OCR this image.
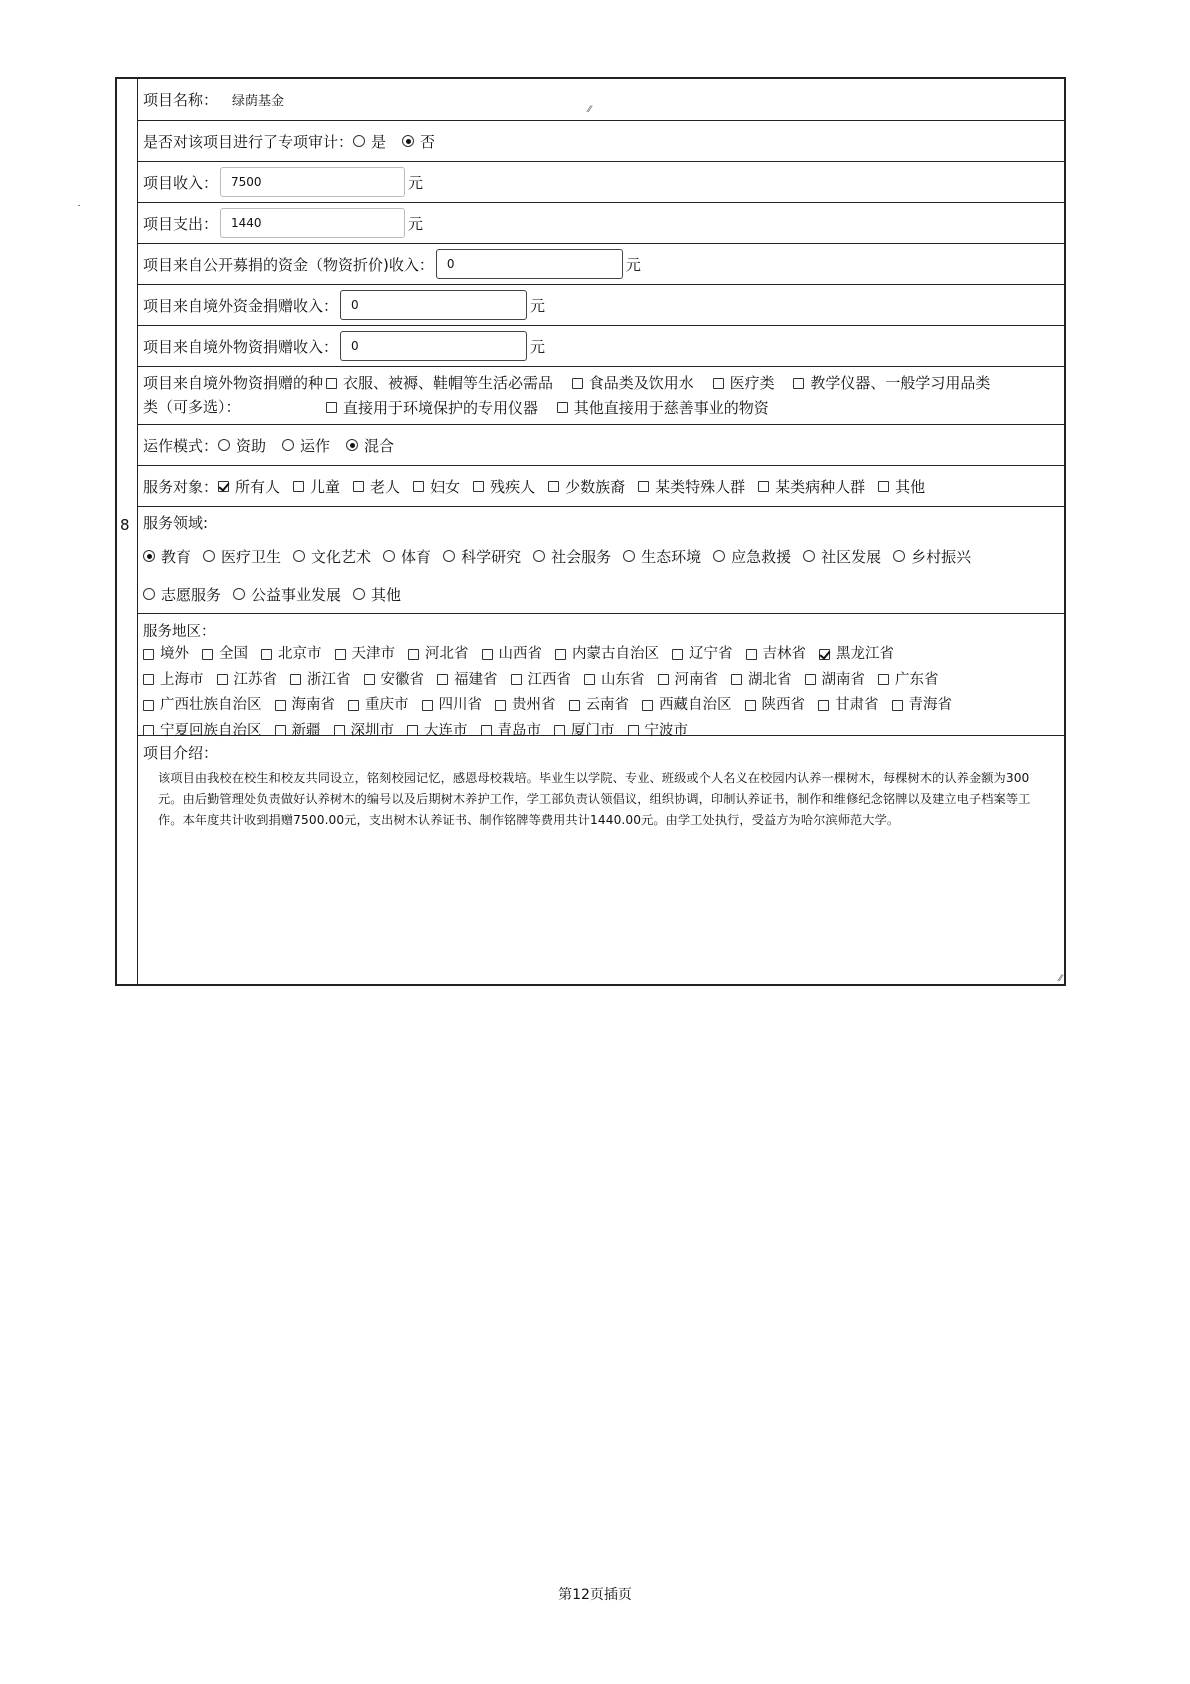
8
项目名称： 绿荫基金
⁄⁄
是否对该项目进行了专项审计： 是 否
项目收入：	7500	元
项目支出：	1440	元
项目来自公开募捐的资金（物资折价)收入：	0	元
项目来自境外资金捐赠收入：	0	元
项目来自境外物资捐赠收入：	0	元
项目来自境外物资捐赠的种
类（可多选）：
衣服、被褥、鞋帽等生活必需品
食品类及饮用水
医疗类
教学仪器、一般学习用品类
直接用于环境保护的专用仪器
其他直接用于慈善事业的物资
运作模式： 资助 运作 混合
服务对象： 所有人 儿童 老人 妇女 残疾人 少数族裔 某类特殊人群 某类病种人群 其他
服务领域:
教育 医疗卫生 文化艺术 体育 科学研究 社会服务 生态环境 应急救援 社区发展 乡村振兴
志愿服务 公益事业发展 其他
服务地区：
境外 全国 北京市 天津市 河北省 山西省 内蒙古自治区 辽宁省 吉林省 黑龙江省
上海市 江苏省 浙江省 安徽省 福建省 江西省 山东省 河南省 湖北省 湖南省 广东省
广西壮族自治区 海南省 重庆市 四川省 贵州省 云南省 西藏自治区 陕西省 甘肃省 青海省
宁夏回族自治区 新疆 深圳市 大连市 青岛市 厦门市 宁波市
项目介绍：
该项目由我校在校生和校友共同设立，铭刻校园记忆，感恩母校栽培。毕业生以学院、专业、班级或个人名义在校园内认养一棵树木，每棵树木的认养金额为300元。由后勤管理处负责做好认养树木的编号以及后期树木养护工作，学工部负责认领倡议，组织协调，印制认养证书，制作和维修纪念铭牌以及建立电子档案等工作。本年度共计收到捐赠7500.00元，支出树木认养证书、制作铭牌等费用共计1440.00元。由学工处执行，受益方为哈尔滨师范大学。
⁄⁄
第12页插页
